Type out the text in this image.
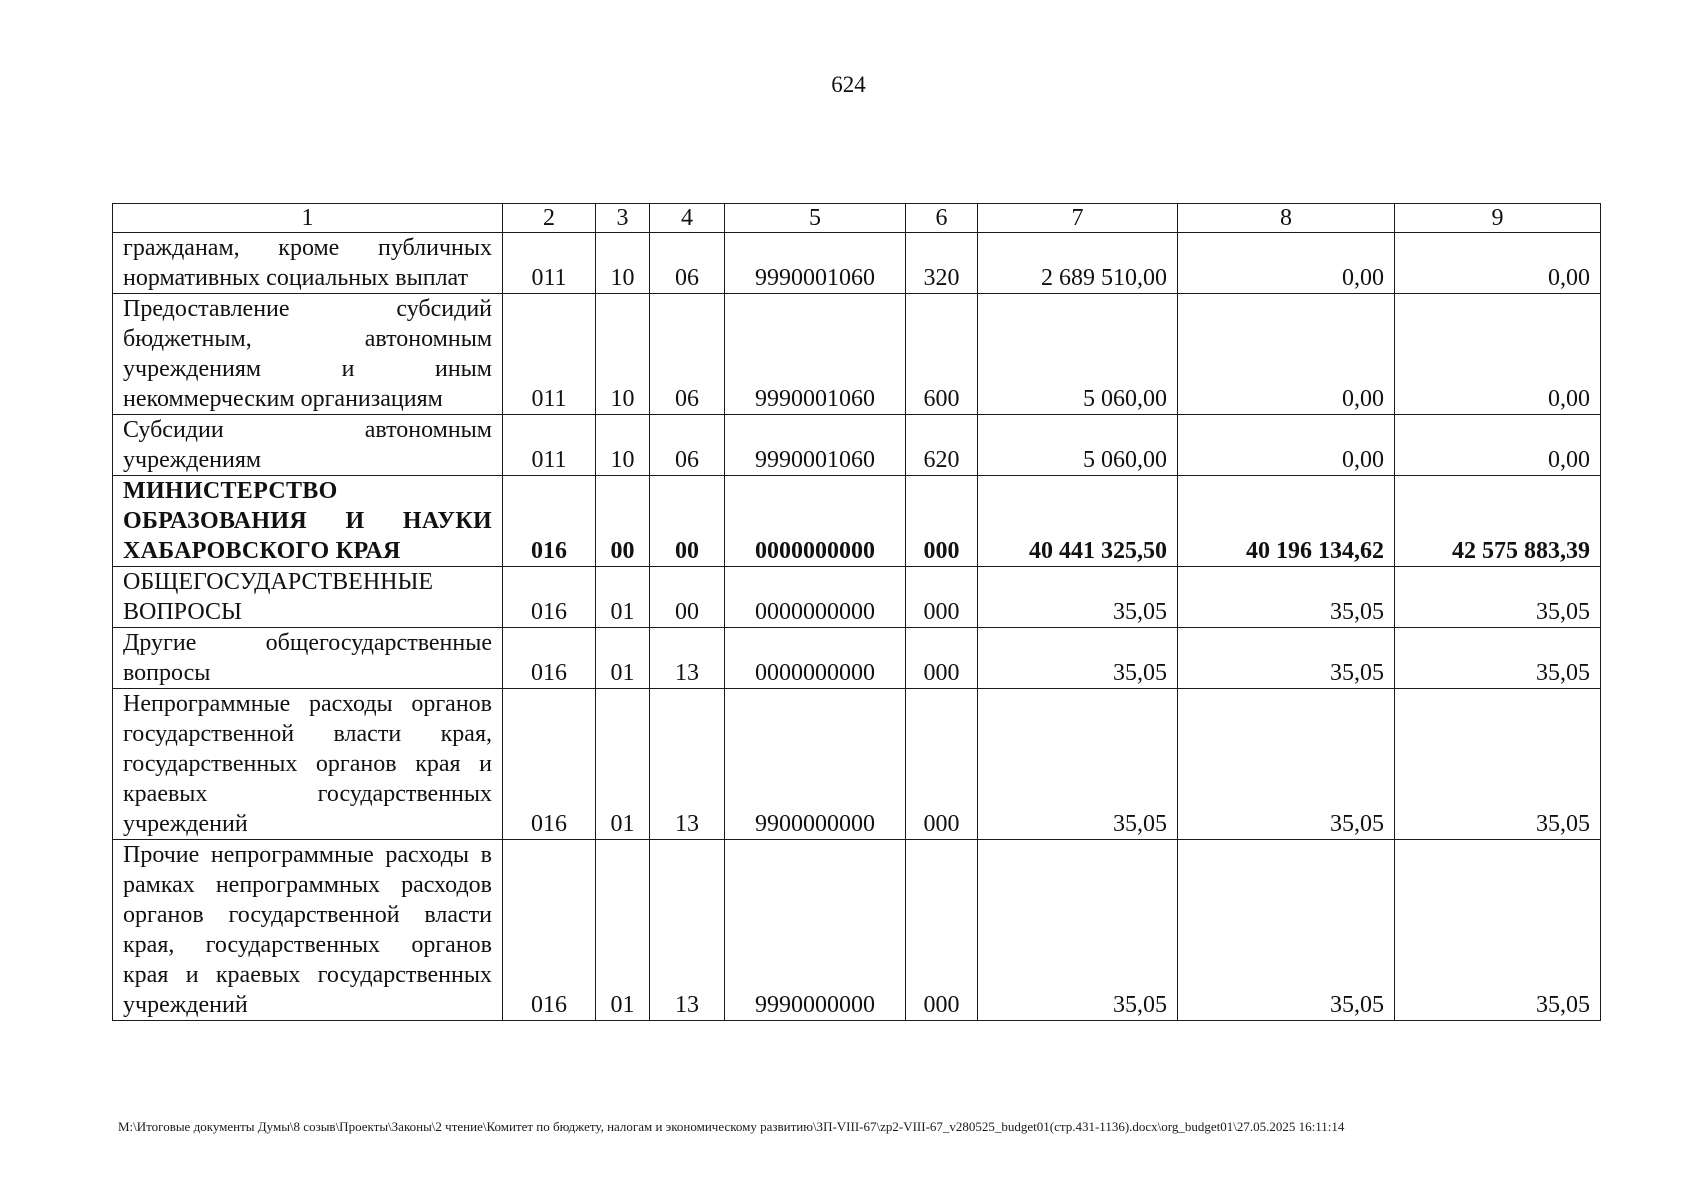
624
1	2	3	4	5	6	7	8	9
гражданам, кроме публичных нормативных социальных выплат	011	10	06	9990001060	320	2 689 510,00	0,00	0,00
Предоставление субсидий бюджетным, автономным учреждениям и иным некоммерческим организациям	011	10	06	9990001060	600	5 060,00	0,00	0,00
Субсидии автономным учреждениям	011	10	06	9990001060	620	5 060,00	0,00	0,00
МИНИСТЕРСТВО ОБРАЗОВАНИЯ И НАУКИ ХАБАРОВСКОГО КРАЯ	016	00	00	0000000000	000	40 441 325,50	40 196 134,62	42 575 883,39
ОБЩЕГОСУДАРСТВЕННЫЕ ВОПРОСЫ	016	01	00	0000000000	000	35,05	35,05	35,05
Другие общегосударственные вопросы	016	01	13	0000000000	000	35,05	35,05	35,05
Непрограммные расходы органов государственной власти края, государственных органов края и краевых государственных учреждений	016	01	13	9900000000	000	35,05	35,05	35,05
Прочие непрограммные расходы в рамках непрограммных расходов органов государственной власти края, государственных органов края и краевых государственных учреждений	016	01	13	9990000000	000	35,05	35,05	35,05
М:\Итоговые документы Думы\8 созыв\Проекты\Законы\2 чтение\Комитет по бюджету, налогам и экономическому развитию\ЗП-VIII-67\zp2-VIII-67_v280525_budget01(стр.431-1136).docx\org_budget01\27.05.2025 16:11:14
